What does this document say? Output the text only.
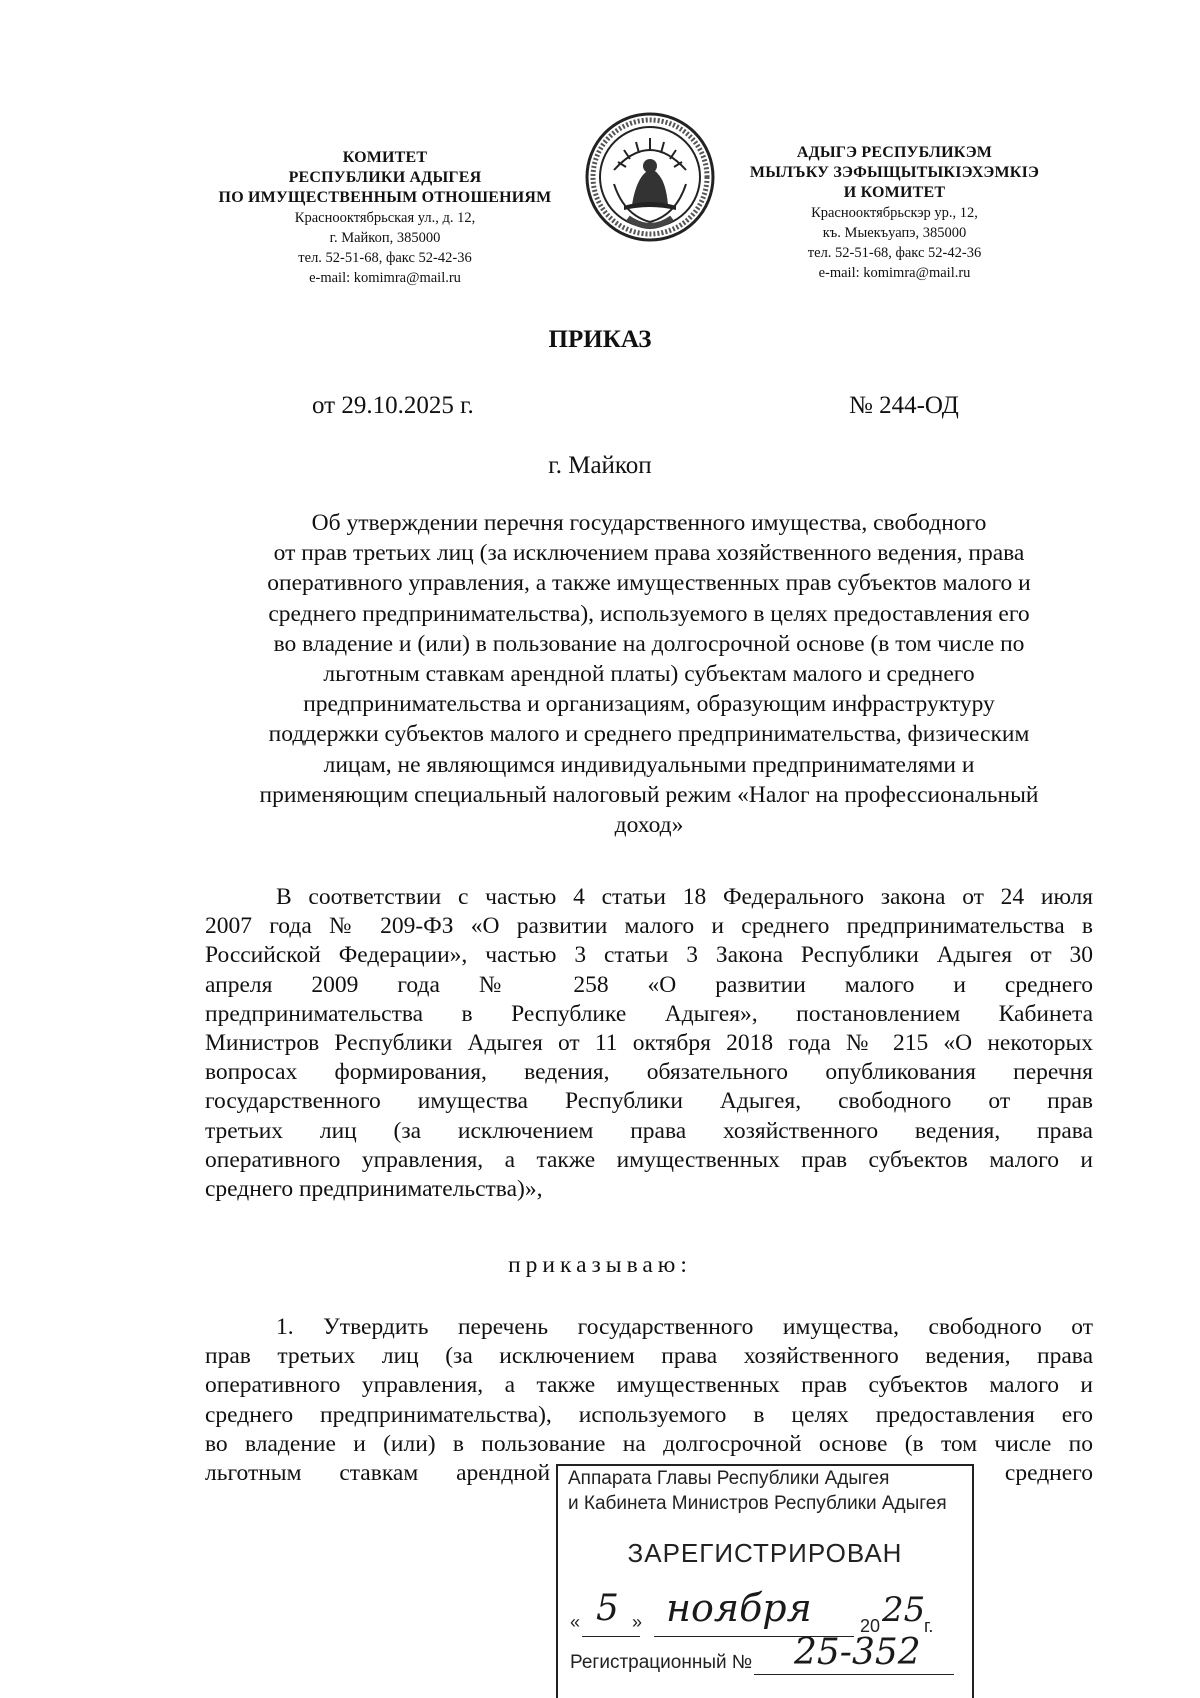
КОМИТЕТ
РЕСПУБЛИКИ АДЫГЕЯ
ПО ИМУЩЕСТВЕННЫМ ОТНОШЕНИЯМ
Краснооктябрьская ул., д. 12,
г. Майкоп, 385000
тел. 52-51-68, факс 52-42-36
e-mail: komimra@mail.ru
АДЫГЭ РЕСПУБЛИКЭМ
МЫЛЪКУ ЗЭФЫЩЫТЫКІЭХЭМКІЭ
И КОМИТЕТ
Краснооктябрьскэр ур., 12,
къ. Мыекъуапэ, 385000
тел. 52-51-68, факс 52-42-36
e-mail: komimra@mail.ru
ПРИКАЗ
от 29.10.2025 г.	№ 244-ОД
г. Майкоп
Об утверждении перечня государственного имущества, свободного
от прав третьих лиц (за исключением права хозяйственного ведения, права
оперативного управления, а также имущественных прав субъектов малого и
среднего предпринимательства), используемого в целях предоставления его
во владение и (или) в пользование на долгосрочной основе (в том числе по
льготным ставкам арендной платы) субъектам малого и среднего
предпринимательства и организациям, образующим инфраструктуру
поддержки субъектов малого и среднего предпринимательства, физическим
лицам, не являющимся индивидуальными предпринимателями и
применяющим специальный налоговый режим «Налог на профессиональный
доход»
В соответствии с частью 4 статьи 18 Федерального закона от 24 июля
2007 года № 209-ФЗ «О развитии малого и среднего предпринимательства в
Российской Федерации», частью 3 статьи 3 Закона Республики Адыгея от 30
апреля 2009 года № 258 «О развитии малого и среднего
предпринимательства в Республике Адыгея», постановлением Кабинета
Министров Республики Адыгея от 11 октября 2018 года № 215 «О некоторых
вопросах формирования, ведения, обязательного опубликования перечня
государственного имущества Республики Адыгея, свободного от прав
третьих лиц (за исключением права хозяйственного ведения, права
оперативного управления, а также имущественных прав субъектов малого и
среднего предпринимательства)»,
приказываю:
1. Утвердить перечень государственного имущества, свободного от
прав третьих лиц (за исключением права хозяйственного ведения, права
оперативного управления, а также имущественных прав субъектов малого и
среднего предпринимательства), используемого в целях предоставления его
во владение и (или) в пользование на долгосрочной основе (в том числе по
льготным ставкам арендной	среднего
Аппарата Главы Республики Адыгея
и Кабинета Министров Республики Адыгея
ЗАРЕГИСТРИРОВАН
« 5 » ноября	20 25
г.
Регистрационный № 25-352
